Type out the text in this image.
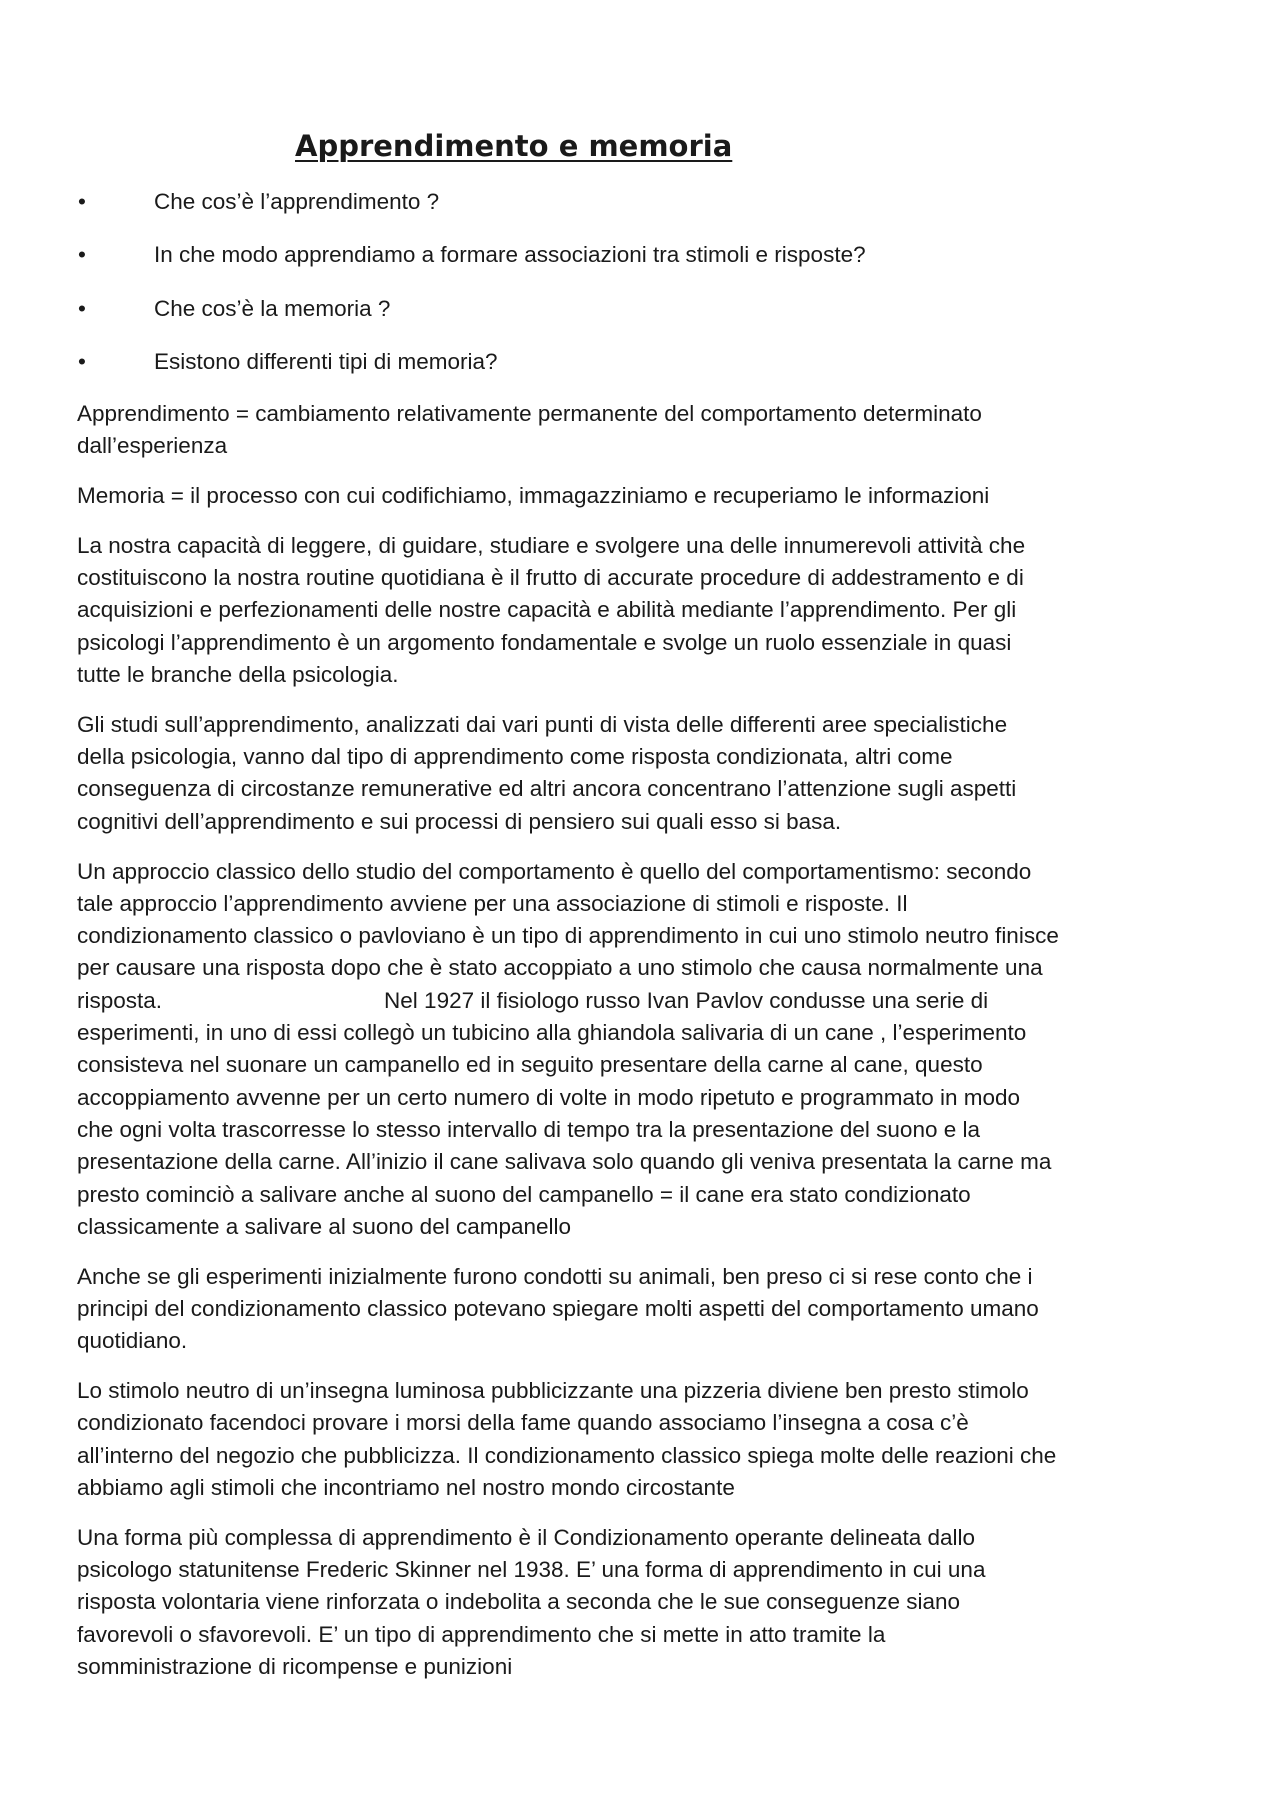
Apprendimento e memoria
•	Che cos’è l’apprendimento ?
•	In che modo apprendiamo a formare associazioni tra stimoli e risposte?
•	Che cos’è la memoria ?
•	Esistono differenti tipi di memoria?

Apprendimento = cambiamento relativamente permanente del comportamento determinato
dall’esperienza

Memoria = il processo con cui codifichiamo, immagazziniamo e recuperiamo le informazioni

La nostra capacità di leggere, di guidare, studiare e svolgere una delle innumerevoli attività che
costituiscono la nostra routine quotidiana è il frutto di accurate procedure di addestramento e di
acquisizioni e perfezionamenti delle nostre capacità e abilità mediante l’apprendimento. Per gli
psicologi l’apprendimento è un argomento fondamentale e svolge un ruolo essenziale in quasi
tutte le branche della psicologia.

Gli studi sull’apprendimento, analizzati dai vari punti di vista delle differenti aree specialistiche
della psicologia, vanno dal tipo di apprendimento come risposta condizionata, altri come
conseguenza di circostanze remunerative ed altri ancora concentrano l’attenzione sugli aspetti
cognitivi dell’apprendimento e sui processi di pensiero sui quali esso si basa.

Un approccio classico dello studio del comportamento è quello del comportamentismo: secondo
tale approccio l’apprendimento avviene per una associazione di stimoli e risposte. Il
condizionamento classico o pavloviano è un tipo di apprendimento in cui uno stimolo neutro finisce
per causare una risposta dopo che è stato accoppiato a uno stimolo che causa normalmente una
risposta.	Nel 1927 il fisiologo russo Ivan Pavlov condusse una serie di
esperimenti, in uno di essi collegò un tubicino alla ghiandola salivaria di un cane , l’esperimento
consisteva nel suonare un campanello ed in seguito presentare della carne al cane, questo
accoppiamento avvenne per un certo numero di volte in modo ripetuto e programmato in modo
che ogni volta trascorresse lo stesso intervallo di tempo tra la presentazione del suono e la
presentazione della carne. All’inizio il cane salivava solo quando gli veniva presentata la carne ma
presto cominciò a salivare anche al suono del campanello = il cane era stato condizionato
classicamente a salivare al suono del campanello

Anche se gli esperimenti inizialmente furono condotti su animali, ben preso ci si rese conto che i
principi del condizionamento classico potevano spiegare molti aspetti del comportamento umano
quotidiano.

Lo stimolo neutro di un’insegna luminosa pubblicizzante una pizzeria diviene ben presto stimolo
condizionato facendoci provare i morsi della fame quando associamo l’insegna a cosa c’è
all’interno del negozio che pubblicizza. Il condizionamento classico spiega molte delle reazioni che
abbiamo agli stimoli che incontriamo nel nostro mondo circostante

Una forma più complessa di apprendimento è il Condizionamento operante delineata dallo
psicologo statunitense Frederic Skinner nel 1938. E’ una forma di apprendimento in cui una
risposta volontaria viene rinforzata o indebolita a seconda che le sue conseguenze siano
favorevoli o sfavorevoli. E’ un tipo di apprendimento che si mette in atto tramite la
somministrazione di ricompense e punizioni
